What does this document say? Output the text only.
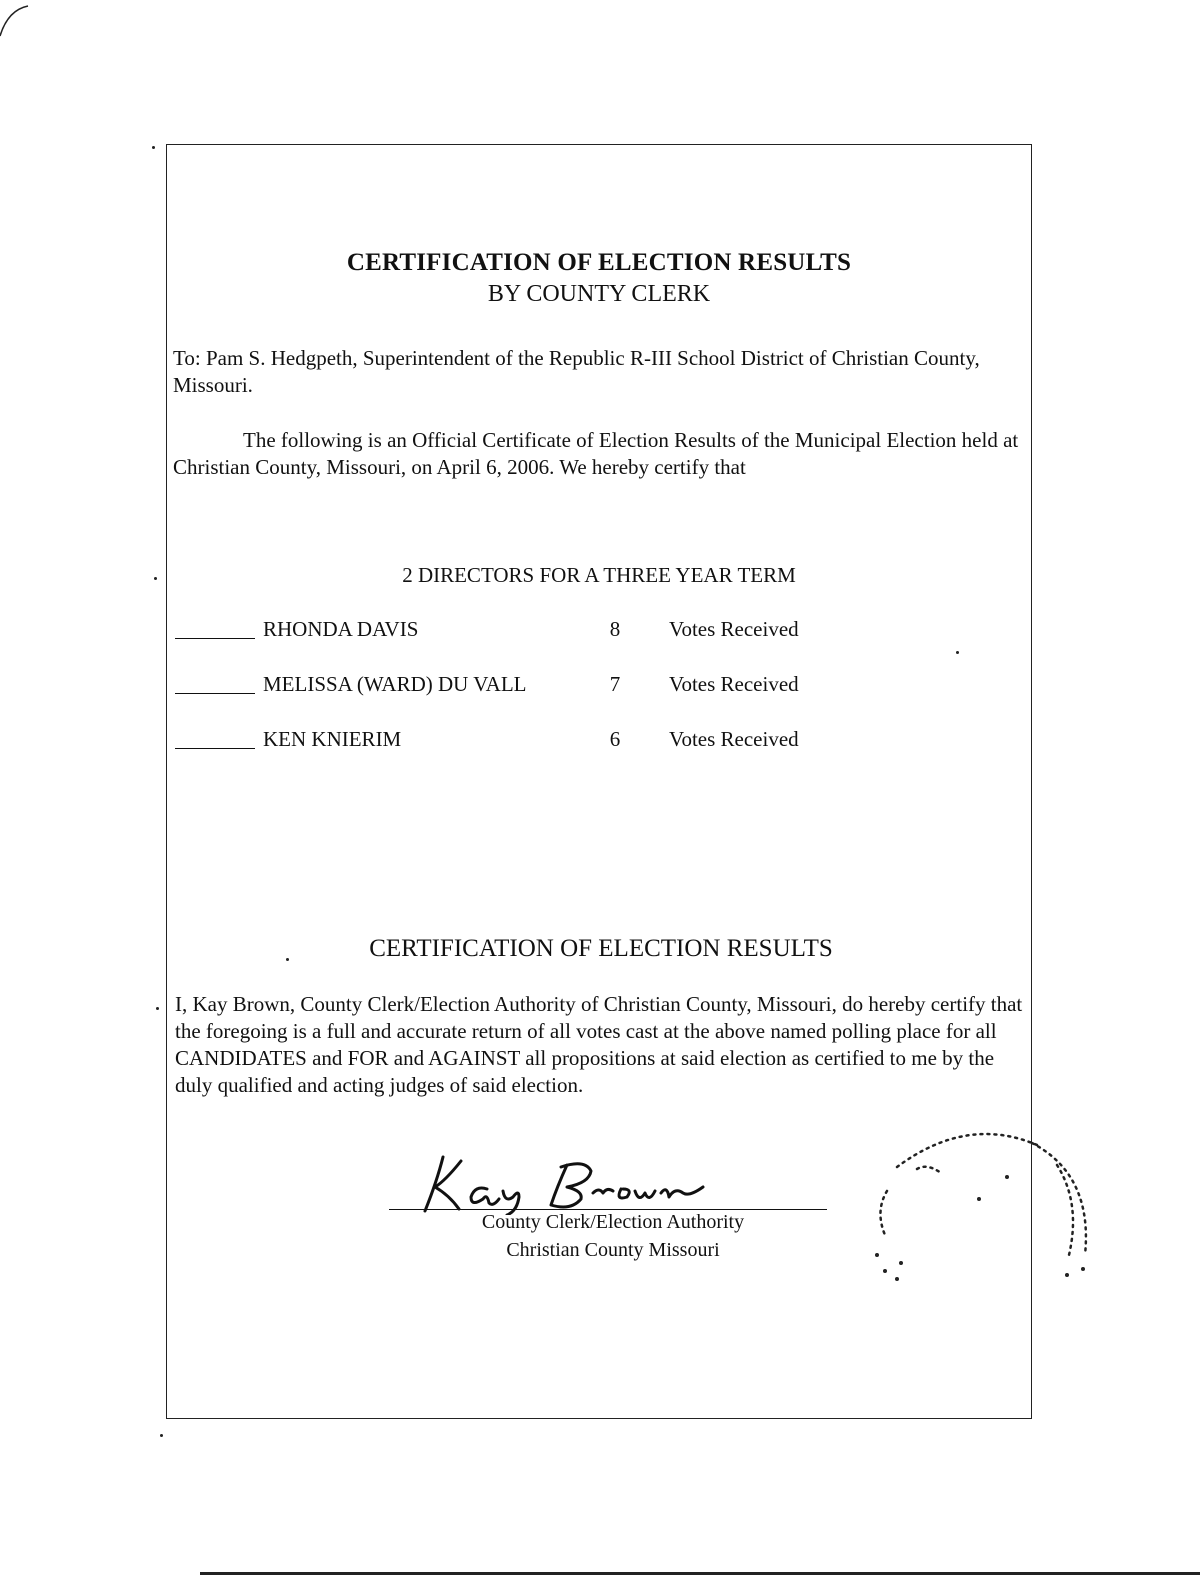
CERTIFICATION OF ELECTION RESULTS
BY COUNTY CLERK

To: Pam S. Hedgpeth, Superintendent of the Republic R-III School District of Christian County, Missouri.

The following is an Official Certificate of Election Results of the Municipal Election held at Christian County, Missouri, on April 6, 2006. We hereby certify that

2 DIRECTORS FOR A THREE YEAR TERM
RHONDA DAVIS	8 Votes Received
MELISSA (WARD) DU VALL	7 Votes Received
KEN KNIERIM	6 Votes Received
CERTIFICATION OF ELECTION RESULTS

I, Kay Brown, County Clerk/Election Authority of Christian County, Missouri, do hereby certify that the foregoing is a full and accurate return of all votes cast at the above named polling place for all CANDIDATES and FOR and AGAINST all propositions at said election as certified to me by the duly qualified and acting judges of said election.

County Clerk/Election Authority
Christian County Missouri
